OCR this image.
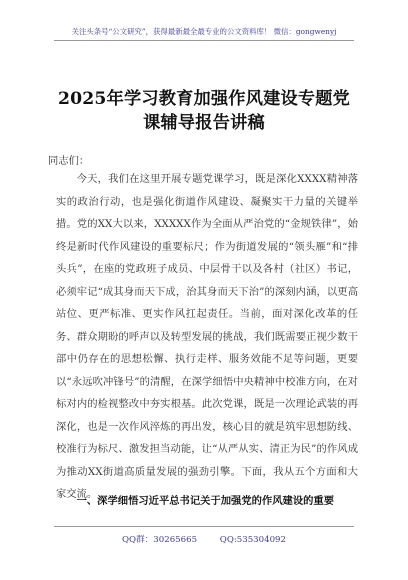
关注头条号“公文研究”，获得最新最全最专业的公文资料库！ 微信：gongwenyj
2025年学习教育加强作风建设专题党
课辅导报告讲稿
同志们：

今天，我们在这里开展专题党课学习，既是深化XXXX精神落实的政治行动，也是强化街道作风建设、凝聚实干力量的关键举措。党的XX大以来，XXXXX作为全面从严治党的“金规铁律”，始终是新时代作风建设的重要标尺；作为街道发展的“领头雁”和“排头兵”，在座的党政班子成员、中层骨干以及各村（社区）书记，必须牢记“成其身而天下成，治其身而天下治”的深刻内涵，以更高站位、更严标准、更实作风扛起责任。当前，面对深化改革的任务、群众期盼的呼声以及转型发展的挑战，我们既需要正视少数干部中仍存在的思想松懈、执行走样、服务效能不足等问题，更要以“永远吹冲锋号”的清醒，在深学细悟中央精神中校准方向，在对标对内的检视整改中夯实根基。此次党课，既是一次理论武装的再深化，也是一次作风淬炼的再出发，核心目的就是筑牢思想防线、校准行为标尺、激发担当动能，让“从严从实、清正为民”的作风成为推动XX街道高质量发展的强劲引擎。下面，我从五个方面和大家交流。

一、深学细悟习近平总书记关于加强党的作风建设的重要
QQ群：30265665	QQ:535304092
